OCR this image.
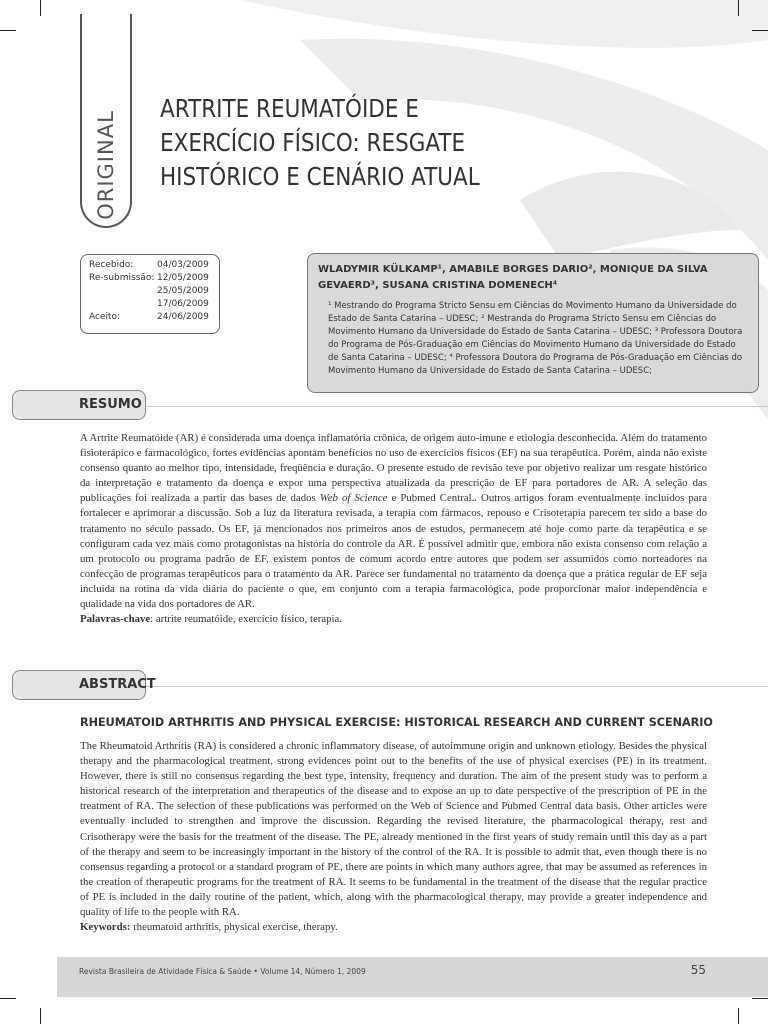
ORIGINAL
ARTRITE REUMATÓIDE E EXERCÍCIO FÍSICO: RESGATE HISTÓRICO E CENÁRIO ATUAL
Recebido:	04/03/2009
Re-submissão: 12/05/2009
25/05/2009
17/06/2009
Aceito:	24/06/2009

WLADYMIR KÜLKAMP¹, AMABILE BORGES DARIO², MONIQUE DA SILVA
GEVAERD³, SUSANA CRISTINA DOMENECH⁴

¹ Mestrando do Programa Stricto Sensu em Ciências do Movimento Humano da Universidade do Estado de Santa Catarina – UDESC; ² Mestranda do Programa Stricto Sensu em Ciências do Movimento Humano da Universidade do Estado de Santa Catarina – UDESC; ³ Professora Doutora do Programa de Pós-Graduação em Ciências do Movimento Humano da Universidade do Estado de Santa Catarina – UDESC; ⁴ Professora Doutora do Programa de Pós-Graduação em Ciências do Movimento Humano da Universidade do Estado de Santa Catarina – UDESC;

RESUMO

A Artrite Reumatóide (AR) é considerada uma doença inflamatória crônica, de origem auto-imune e etiologia desconhecida. Além do tratamento fisioterápico e farmacológico, fortes evidências apontam benefícios no uso de exercícios físicos (EF) na sua terapêutica. Porém, ainda não existe consenso quanto ao melhor tipo, intensidade, freqüência e duração. O presente estudo de revisão teve por objetivo realizar um resgate histórico da interpretação e tratamento da doença e expor uma perspectiva atualizada da prescrição de EF para portadores de AR. A seleção das publicações foi realizada a partir das bases de dados Web of Science e Pubmed Central.. Outros artigos foram eventualmente incluídos para fortalecer e aprimorar a discussão. Sob a luz da literatura revisada, a terapia com fármacos, repouso e Crisoterapia parecem ter sido a base do tratamento no século passado. Os EF, já mencionados nos primeiros anos de estudos, permanecem até hoje como parte da terapêutica e se configuram cada vez mais como protagonistas na história do controle da AR. É possível admitir que, embora não exista consenso com relação a um protocolo ou programa padrão de EF, existem pontos de comum acordo entre autores que podem ser assumidos como norteadores na confecção de programas terapêuticos para o tratamento da AR. Parece ser fundamental no tratamento da doença que a prática regular de EF seja incluída na rotina da vida diária do paciente o que, em conjunto com a terapia farmacológica, pode proporcionar maior independência e qualidade na vida dos portadores de AR.
Palavras-chave: artrite reumatóide, exercício físico, terapia.

ABSTRACT
RHEUMATOID ARTHRITIS AND PHYSICAL EXERCISE: HISTORICAL RESEARCH AND CURRENT SCENARIO

The Rheumatoid Arthritis (RA) is considered a chronic inflammatory disease, of autoimmune origin and unknown etiology. Besides the physical therapy and the pharmacological treatment, strong evidences point out to the benefits of the use of physical exercises (PE) in its treatment. However, there is still no consensus regarding the best type, intensity, frequency and duration. The aim of the present study was to perform a historical research of the interpretation and therapeutics of the disease and to expose an up to date perspective of the prescription of PE in the treatment of RA. The selection of these publications was performed on the Web of Science and Pubmed Central data basis. Other articles were eventually included to strengthen and improve the discussion. Regarding the revised literature, the pharmacological therapy, rest and Crisotherapy were the basis for the treatment of the disease. The PE, already mentioned in the first years of study remain until this day as a part of the therapy and seem to be increasingly important in the history of the control of the RA. It is possible to admit that, even though there is no consensus regarding a protocol or a standard program of PE, there are points in which many authors agree, that may be assumed as references in the creation of therapeutic programs for the treatment of RA. It seems to be fundamental in the treatment of the disease that the regular practice of PE is included in the daily routine of the patient, which, along with the pharmacological therapy, may provide a greater independence and quality of life to the people with RA.
Keywords: rheumatoid arthritis, physical exercise, therapy.

Revista Brasileira de Atividade Física & Saúde • Volume 14, Número 1, 2009	55
